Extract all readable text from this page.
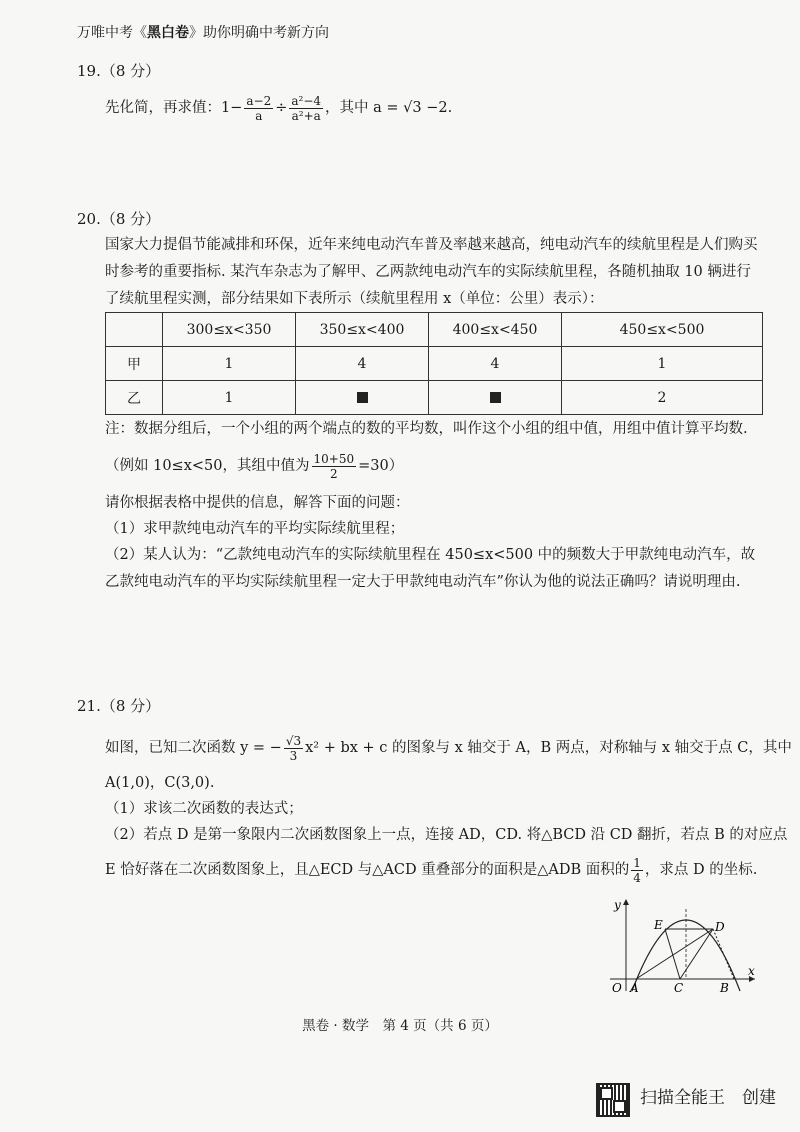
万唯中考《黑白卷》助你明确中考新方向
19.（8 分）
先化简，再求值：$1- \frac{a-2}{a} \div \frac{\text{a²−4}}{\text{a²+a}}$ ，其中 a = √3 −2.
20.（8 分）
国家大力提倡节能减排和环保，近年来纯电动汽车普及率越来越高，纯电动汽车的续航里程是人们购买时参考的重要指标. 某汽车杂志为了解甲、乙两款纯电动汽车的实际续航里程，各随机抽取 10 辆进行了续航里程实测，部分结果如下表所示（续航里程用 x（单位：公里）表示）：
	300≤x<350	350≤x<400	400≤x<450	450≤x<500
甲	1	4	4	1
乙	1			2
注：数据分组后，一个小组的两个端点的数的平均数，叫作这个小组的组中值，用组中值计算平均数.
（例如 10≤x<50，其组中值为 $\frac{10+50}{2} =30$）
请你根据表格中提供的信息，解答下面的问题：
（1）求甲款纯电动汽车的平均实际续航里程；
（2）某人认为：“乙款纯电动汽车的实际续航里程在 450≤x<500 中的频数大于甲款纯电动汽车，故乙款纯电动汽车的平均实际续航里程一定大于甲款纯电动汽车”你认为他的说法正确吗？请说明理由.
21.（8 分）
如图，已知二次函数 y = − $\frac{√3}{3} x^2$ + bx + c 的图象与 x 轴交于 A，B 两点，对称轴与 x 轴交于点 C，其中
A(1,0)，C(3,0).
（1）求该二次函数的表达式；
（2）若点 D 是第一象限内二次函数图象上一点，连接 AD，CD. 将△BCD 沿 CD 翻折，若点 B 的对应点
E 恰好落在二次函数图象上，且△ECD 与△ACD 重叠部分的面积是△ADB 面积的 $\frac{1}{4}$ ，求点 D 的坐标.
y
x
O A	C	B
E	D
黑卷 · 数学　第 4 页（共 6 页）
扫描全能王　创建
